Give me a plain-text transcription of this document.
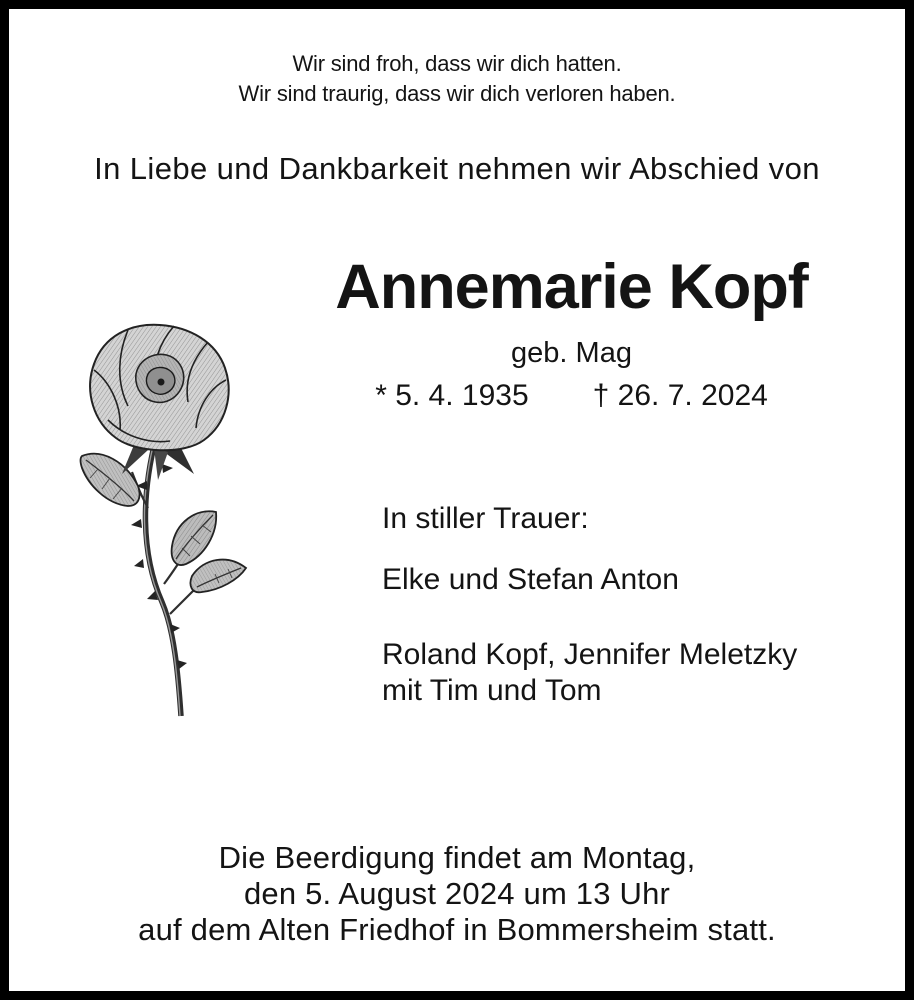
Wir sind froh, dass wir dich hatten.
Wir sind traurig, dass wir dich verloren haben.
In Liebe und Dankbarkeit nehmen wir Abschied von
Annemarie Kopf
geb. Mag
* 5. 4. 1935 † 26. 7. 2024

In stiller Trauer:

Elke und Stefan Anton

Roland Kopf, Jennifer Meletzky
mit Tim und Tom

Die Beerdigung findet am Montag,
den 5. August 2024 um 13 Uhr
auf dem Alten Friedhof in Bommersheim statt.
